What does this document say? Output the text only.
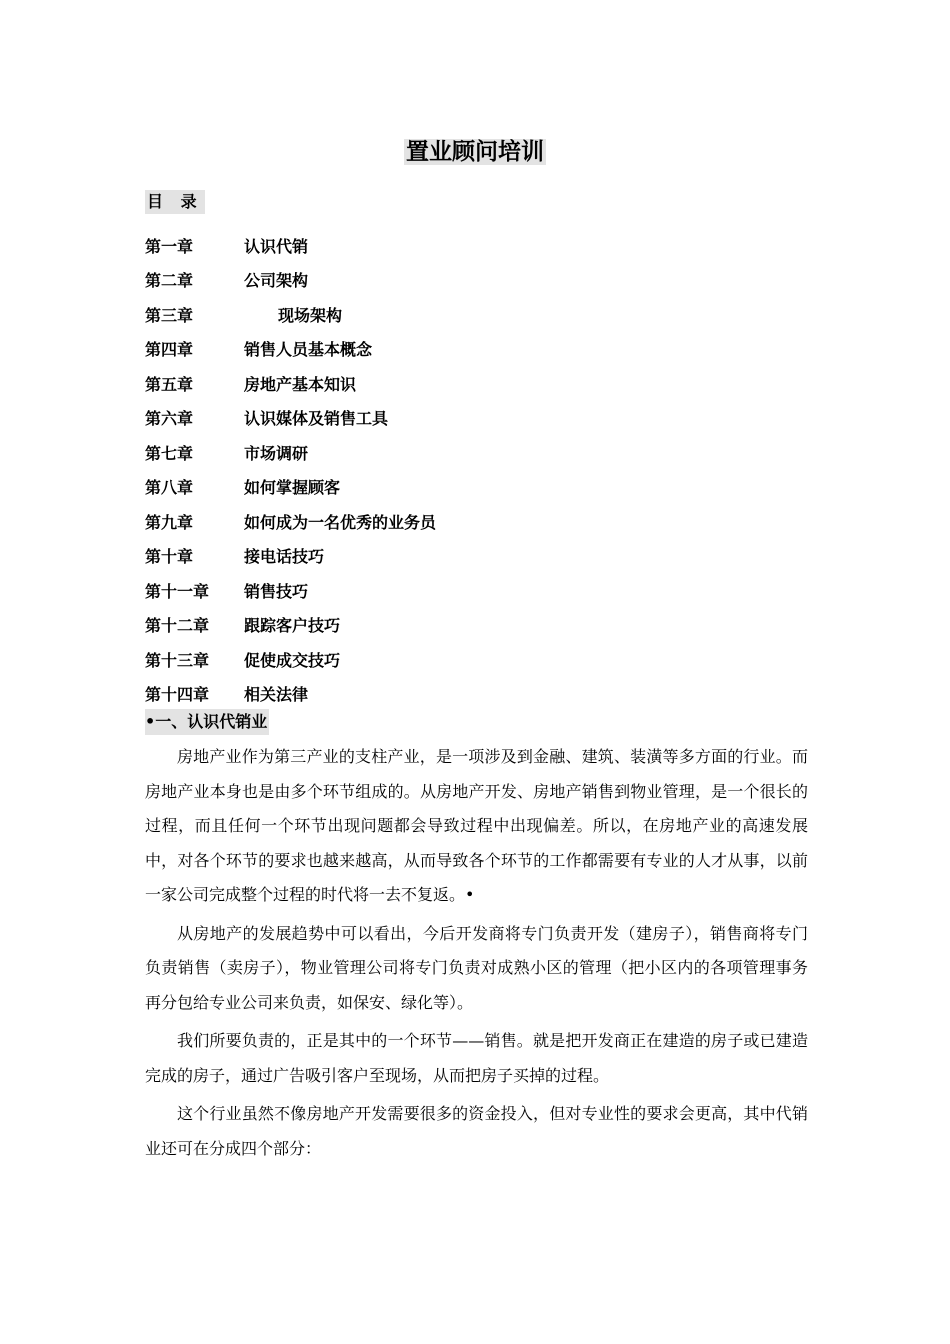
置业顾问培训
目 录
第一章	认识代销
第二章	公司架构
第三章	现场架构
第四章	销售人员基本概念
第五章	房地产基本知识
第六章	认识媒体及销售工具
第七章	市场调研
第八章	如何掌握顾客
第九章	如何成为一名优秀的业务员
第十章	接电话技巧
第十一章	销售技巧
第十二章	跟踪客户技巧
第十三章	促使成交技巧
第十四章	相关法律
•一、认识代销业

房地产业作为第三产业的支柱产业，是一项涉及到金融、建筑、装潢等多方面的行业。而房地产业本身也是由多个环节组成的。从房地产开发、房地产销售到物业管理，是一个很长的过程，而且任何一个环节出现问题都会导致过程中出现偏差。所以，在房地产业的高速发展中，对各个环节的要求也越来越高，从而导致各个环节的工作都需要有专业的人才从事，以前一家公司完成整个过程的时代将一去不复返。•

从房地产的发展趋势中可以看出，今后开发商将专门负责开发（建房子），销售商将专门负责销售（卖房子），物业管理公司将专门负责对成熟小区的管理（把小区内的各项管理事务再分包给专业公司来负责，如保安、绿化等）。

我们所要负责的，正是其中的一个环节——销售。就是把开发商正在建造的房子或已建造完成的房子，通过广告吸引客户至现场，从而把房子买掉的过程。

这个行业虽然不像房地产开发需要很多的资金投入，但对专业性的要求会更高，其中代销业还可在分成四个部分：
